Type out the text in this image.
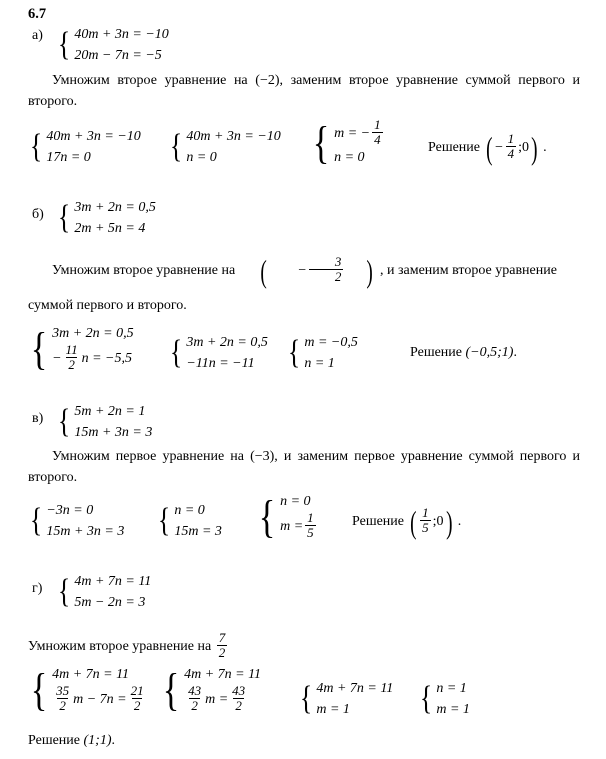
6.7
а) { 40m + 3n = −10
20m − 7n = −5
Умножим второе уравнение на (−2), заменим второе уравнение суммой первого и второго.
{ 40m + 3n = −10
17n = 0	{ 40m + 3n = −10
n = 0	{ m = − $\frac{1}{4}$
n = 0
Решение ( − $\frac{1}{4}$ ;0 ) .
б) { 3m + 2n = 0,5
2m + 5n = 4
Умножим второе уравнение на (	− $\frac{3}{2}$ ) , и заменим второе уравнение
суммой первого и второго.
{ 3m + 2n = 0,5
− $\frac{11}{2}$ n = −5,5 { 3m + 2n = 0,5
−11n = −11 { m = −0,5
n = 1
Решение (−0,5;1).
в) { 5m + 2n = 1
15m + 3n = 3
Умножим первое уравнение на (−3), и заменим первое уравнение суммой первого и второго.
{ −3n = 0
15m + 3n = 3 { n = 0
15m = 3 { n = 0
$m = \frac{1}{5}$	Решение ( $\frac{1}{5}$ ;0 ) .
г) { 4m + 7n = 11
5m − 2n = 3
Умножим второе уравнение на $\frac{7}{2}$
{ 4m + 7n = 11
$\frac{35}{2}$ $m - 7n = \frac{21}{2}$ { 4m + 7n = 11
$\frac{43}{2}$ $m = \frac{43}{2}$ { 4m + 7n = 11
m = 1	{ n = 1
m = 1
Решение (1;1).
